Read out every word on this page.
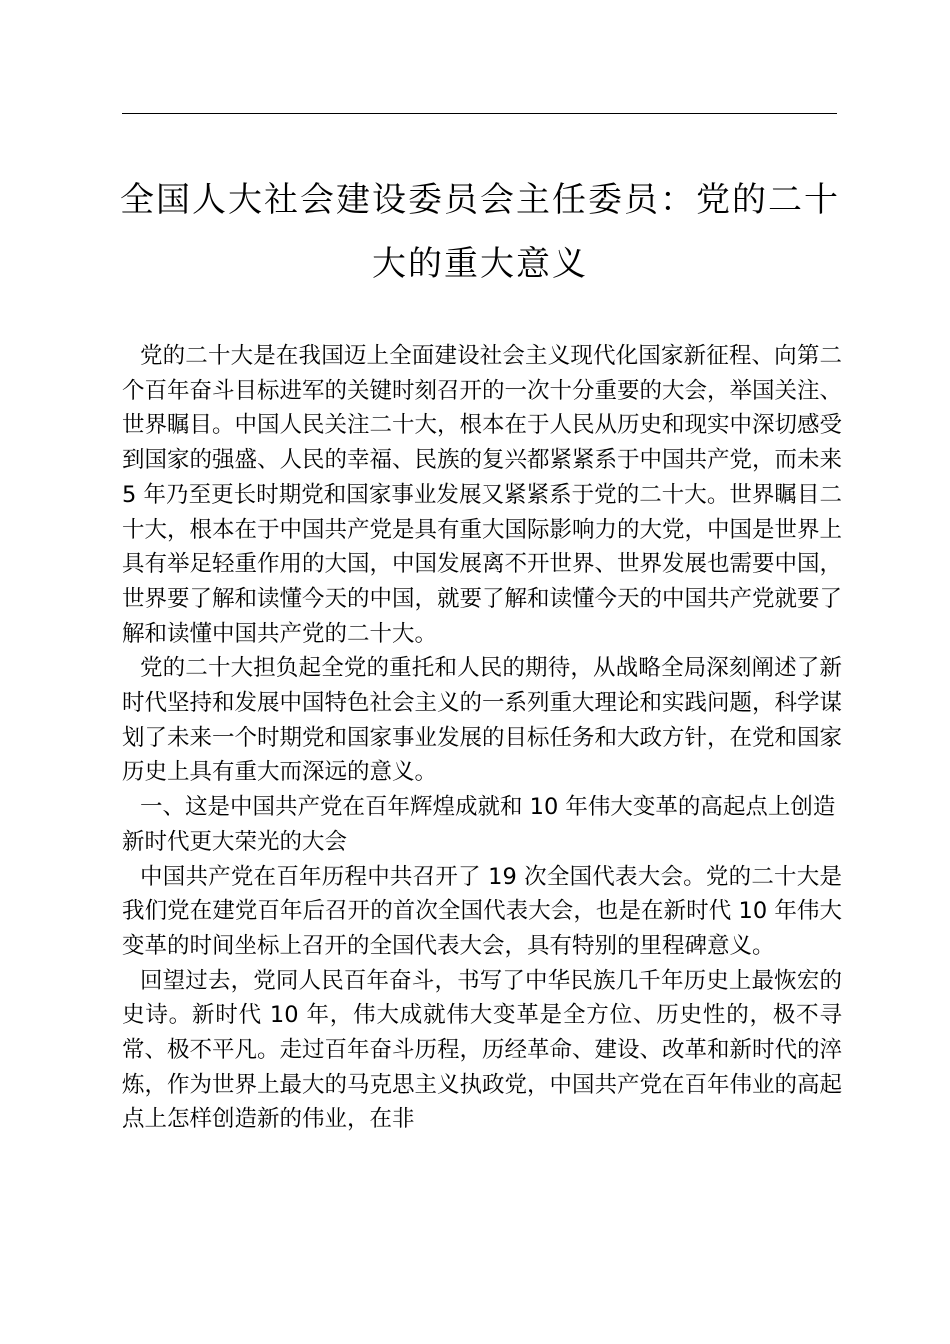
全国人大社会建设委员会主任委员：党的二十大的重大意义

党的二十大是在我国迈上全面建设社会主义现代化国家新征程、向第二个百年奋斗目标进军的关键时刻召开的一次十分重要的大会，举国关注、世界瞩目。中国人民关注二十大，根本在于人民从历史和现实中深切感受到国家的强盛、人民的幸福、民族的复兴都紧紧系于中国共产党，而未来 5 年乃至更长时期党和国家事业发展又紧紧系于党的二十大。世界瞩目二十大，根本在于中国共产党是具有重大国际影响力的大党，中国是世界上具有举足轻重作用的大国，中国发展离不开世界、世界发展也需要中国，世界要了解和读懂今天的中国，就要了解和读懂今天的中国共产党就要了解和读懂中国共产党的二十大。

党的二十大担负起全党的重托和人民的期待，从战略全局深刻阐述了新时代坚持和发展中国特色社会主义的一系列重大理论和实践问题，科学谋划了未来一个时期党和国家事业发展的目标任务和大政方针，在党和国家历史上具有重大而深远的意义。

一、这是中国共产党在百年辉煌成就和 10 年伟大变革的高起点上创造新时代更大荣光的大会

中国共产党在百年历程中共召开了 19 次全国代表大会。党的二十大是我们党在建党百年后召开的首次全国代表大会，也是在新时代 10 年伟大变革的时间坐标上召开的全国代表大会，具有特别的里程碑意义。

回望过去，党同人民百年奋斗，书写了中华民族几千年历史上最恢宏的史诗。新时代 10 年，伟大成就伟大变革是全方位、历史性的，极不寻常、极不平凡。走过百年奋斗历程，历经革命、建设、改革和新时代的淬炼，作为世界上最大的马克思主义执政党，中国共产党在百年伟业的高起点上怎样创造新的伟业，在非
